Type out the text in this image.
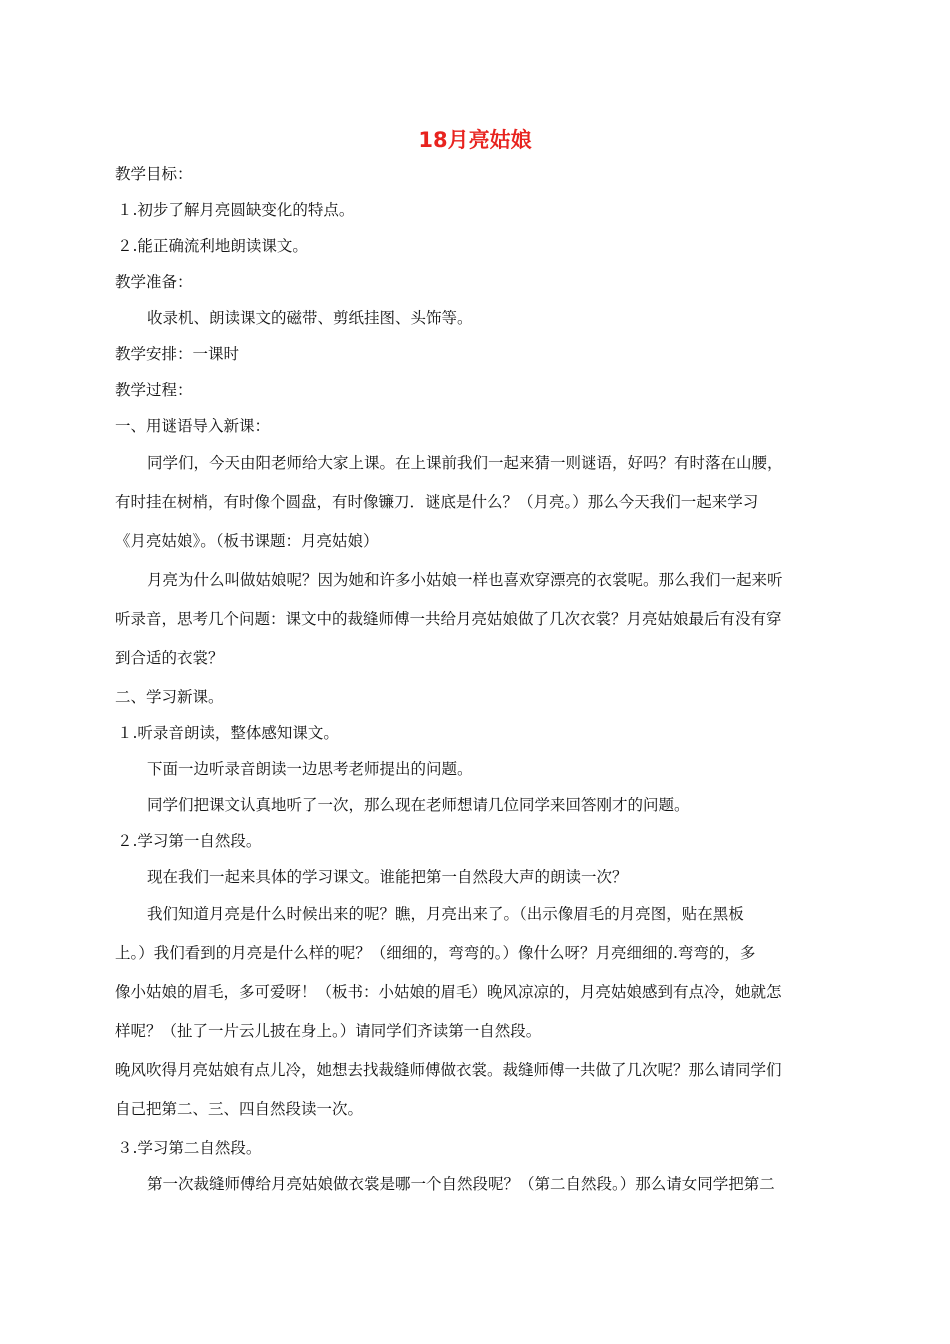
18月亮姑娘
教学目标：
１.初步了解月亮圆缺变化的特点。
２.能正确流利地朗读课文。
教学准备：
收录机、朗读课文的磁带、剪纸挂图、头饰等。
教学安排：一课时
教学过程：
一、用谜语导入新课：
同学们，今天由阳老师给大家上课。在上课前我们一起来猜一则谜语，好吗？有时落在山腰，
有时挂在树梢，有时像个圆盘，有时像镰刀．谜底是什么？（月亮。）那么今天我们一起来学习
《月亮姑娘》。（板书课题：月亮姑娘）
月亮为什么叫做姑娘呢？因为她和许多小姑娘一样也喜欢穿漂亮的衣裳呢。那么我们一起来听
听录音，思考几个问题：课文中的裁缝师傅一共给月亮姑娘做了几次衣裳？月亮姑娘最后有没有穿
到合适的衣裳？
二、学习新课。
１.听录音朗读，整体感知课文。
下面一边听录音朗读一边思考老师提出的问题。
同学们把课文认真地听了一次，那么现在老师想请几位同学来回答刚才的问题。
２.学习第一自然段。
现在我们一起来具体的学习课文。谁能把第一自然段大声的朗读一次？
我们知道月亮是什么时候出来的呢？瞧，月亮出来了。（出示像眉毛的月亮图，贴在黑板
上。）我们看到的月亮是什么样的呢？（细细的，弯弯的。）像什么呀？月亮细细的.弯弯的，多
像小姑娘的眉毛，多可爱呀！（板书：小姑娘的眉毛）晚风凉凉的，月亮姑娘感到有点冷，她就怎
样呢？（扯了一片云儿披在身上。）请同学们齐读第一自然段。
晚风吹得月亮姑娘有点儿冷，她想去找裁缝师傅做衣裳。裁缝师傅一共做了几次呢？那么请同学们
自己把第二、三、四自然段读一次。
３.学习第二自然段。
第一次裁缝师傅给月亮姑娘做衣裳是哪一个自然段呢？（第二自然段。）那么请女同学把第二
